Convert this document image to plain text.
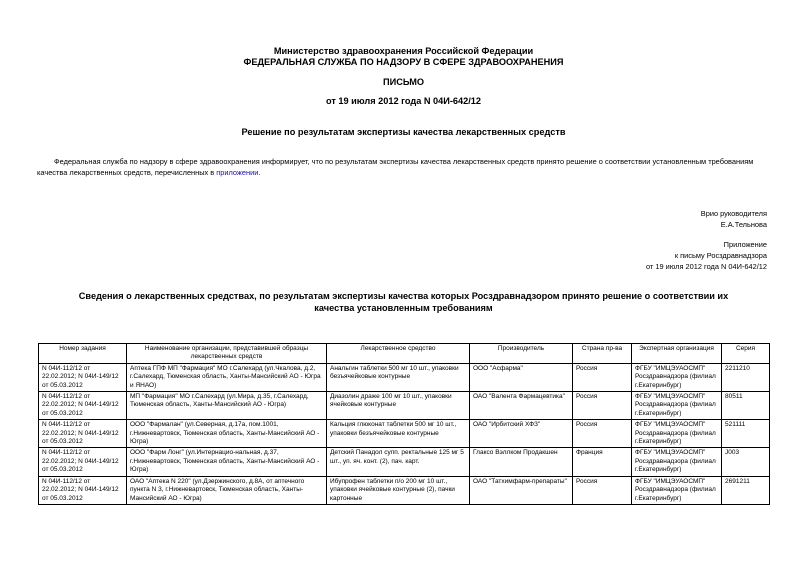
Министерство здравоохранения Российской Федерации
ФЕДЕРАЛЬНАЯ СЛУЖБА ПО НАДЗОРУ В СФЕРЕ ЗДРАВООХРАНЕНИЯ
ПИСЬМО
от 19 июля 2012 года N 04И-642/12
Решение по результатам экспертизы качества лекарственных средств
Федеральная служба по надзору в сфере здравоохранения информирует, что по результатам экспертизы качества лекарственных средств принято решение о соответствии установленным требованиям качества лекарственных средств, перечисленных в приложении.
Врио руководителя
Е.А.Тельнова
Приложение
к письму Росздравнадзора
от 19 июля 2012 года N 04И-642/12
Сведения о лекарственных средствах, по результатам экспертизы качества которых Росздравнадзором принято решение о соответствии их качества установленным требованиям
Номер задания	Наименование организации, представившей образцы лекарственных средств	Лекарственное средство	Производитель	Страна пр-ва	Экспертная организация	Серия
N 04И-112/12 от 22.02.2012; N 04И-149/12 от 05.03.2012	Аптека ГПФ МП "Фармация" МО г.Салехард (ул.Чкалова, д.2, г.Салехард, Тюменская область, Ханты-Мансийский АО - Югра и ЯНАО)	Анальгин таблетки 500 мг 10 шт., упаковки безъячейковые контурные	ООО "Асфарма"	Россия	ФГБУ "ИМЦЭУАОСМП" Росздравнадзора (филиал г.Екатеринбург)	2211210
N 04И-112/12 от 22.02.2012; N 04И-149/12 от 05.03.2012	МП "Фармация" МО г.Салехард (ул.Мира, д.35, г.Салехард, Тюменская область, Ханты-Мансийский АО - Югра)	Диазолин драже 100 мг 10 шт., упаковки ячейковые контурные	ОАО "Валента Фармацевтика"	Россия	ФГБУ "ИМЦЭУАОСМП" Росздравнадзора (филиал г.Екатеринбург)	80511
N 04И-112/12 от 22.02.2012; N 04И-149/12 от 05.03.2012	ООО "Фармалан" (ул.Северная, д.17а, пом.1001, г.Нижневартовск, Тюменская область, Ханты-Мансийский АО - Югра)	Кальция глюконат таблетки 500 мг 10 шт., упаковки безъячейковые контурные	ОАО "Ирбитский ХФЗ"	Россия	ФГБУ "ИМЦЭУАОСМП" Росздравнадзора (филиал г.Екатеринбург)	521111
N 04И-112/12 от 22.02.2012; N 04И-149/12 от 05.03.2012	ООО "Фарм Лонг" (ул.Интернацио-нальная, д.37, г.Нижневартовск, Тюменская область, Ханты-Мансийский АО - Югра)	Детский Панадол супп. ректальные 125 мг 5 шт., уп. яч. конт. (2), пач. карт.	Глаксо Вэллком Продакшен	Франция	ФГБУ "ИМЦЭУАОСМП" Росздравнадзора (филиал г.Екатеринбург)	J003
N 04И-112/12 от 22.02.2012; N 04И-149/12 от 05.03.2012	ОАО "Аптека N 220" (ул.Дзержинского, д.8А, от аптечного пункта N 3, г.Нижневартовск, Тюменская область, Ханты-Мансийский АО - Югра)	Ибупрофен таблетки п/о 200 мг 10 шт., упаковки ячейковые контурные (2), пачки картонные	ОАО "Татхимфарм-препараты"	Россия	ФГБУ "ИМЦЭУАОСМП" Росздравнадзора (филиал г.Екатеринбург)	2691211
